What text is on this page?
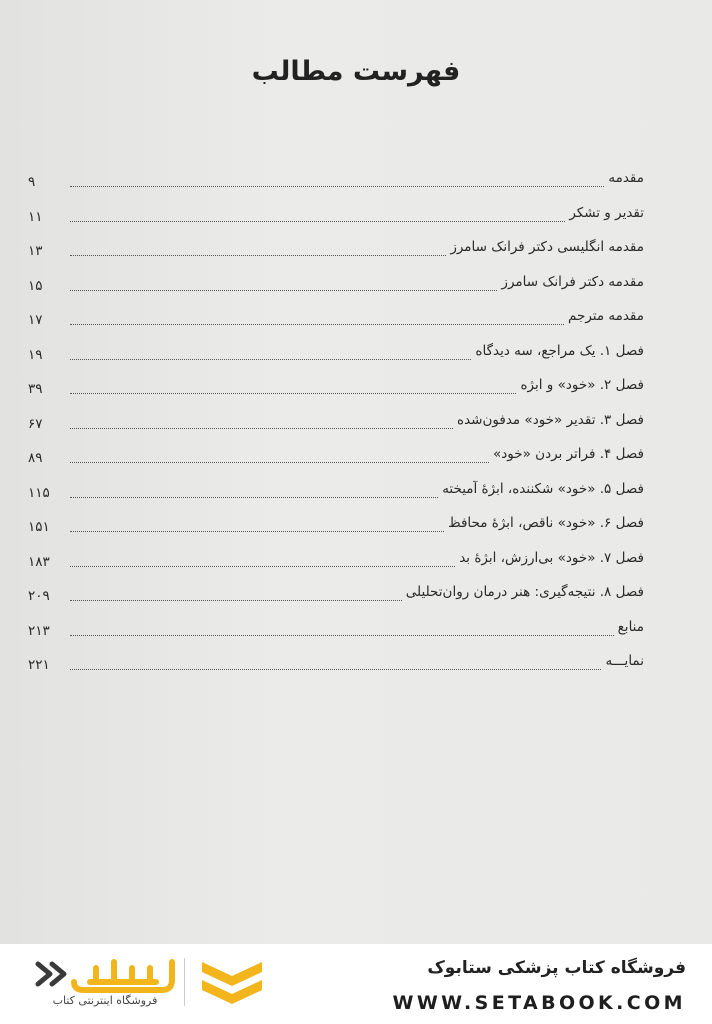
فهرست مطالب
مقدمه
۹
تقدیر و تشکر
۱۱
مقدمه انگلیسی دکتر فرانک سامرز
۱۳
مقدمه دکتر فرانک سامرز
۱۵
مقدمه مترجم
۱۷
فصل ۱. یک مراجع، سه دیدگاه
۱۹
فصل ۲. «خود» و ابژه
۳۹
فصل ۳. تقدیر «خود» مدفون‌شده
۶۷
فصل ۴. فراتر بردن «خود»
۸۹
فصل ۵. «خود» شکننده، ابژهٔ آمیخته
۱۱۵
فصل ۶. «خود» ناقص، ابژهٔ محافظ
۱۵۱
فصل ۷. «خود» بی‌ارزش، ابژهٔ بد
۱۸۳
فصل ۸. نتیجه‌گیری: هنر درمان روان‌تحلیلی
۲۰۹
منابع
۲۱۳
نمایـــه
۲۲۱
فروشگاه اینترنتی کتاب
فروشگاه کتاب پزشکی ستابوک
WWW.SETABOOK.COM
